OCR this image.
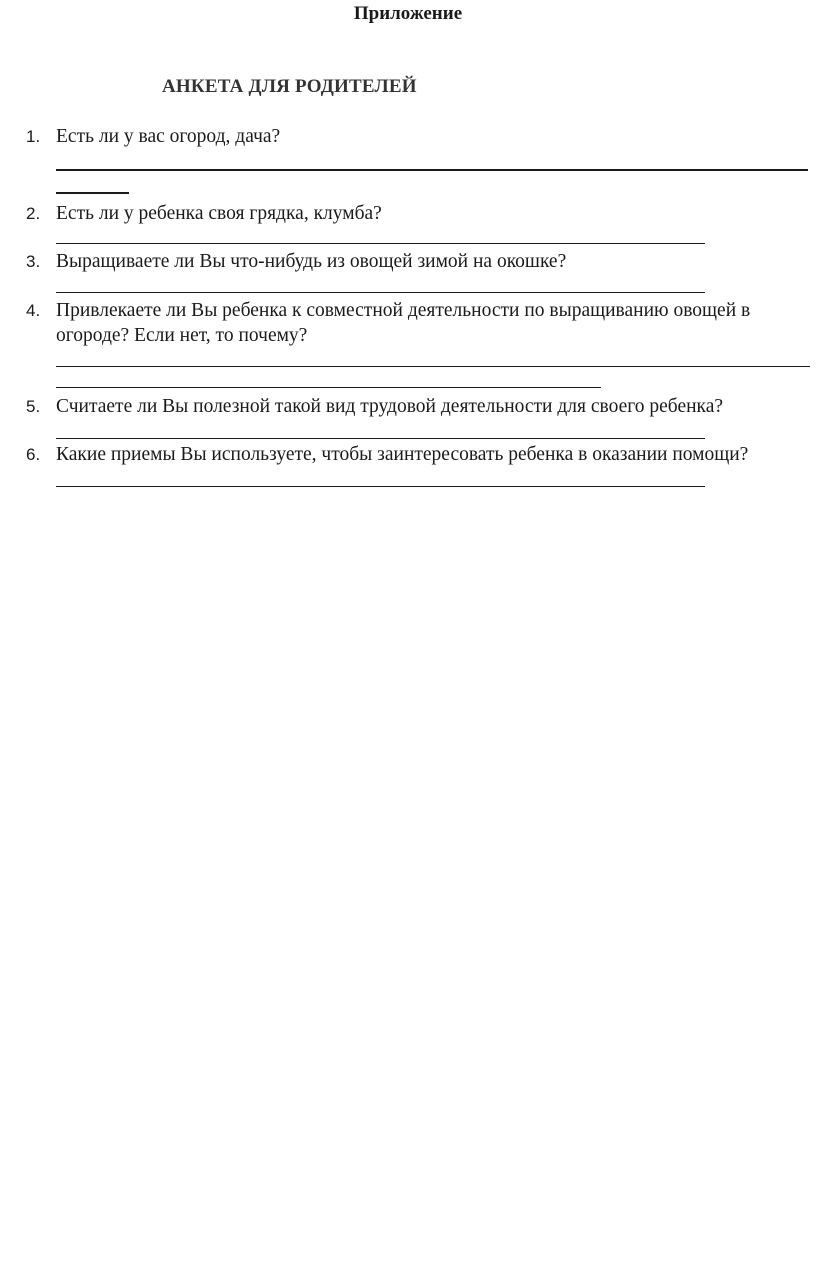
Приложение
АНКЕТА ДЛЯ РОДИТЕЛЕЙ
1. Есть ли у вас огород, дача?
2. Есть ли у ребенка своя грядка, клумба?
3. Выращиваете ли Вы что-нибудь из овощей зимой на окошке?
4. Привлекаете ли Вы ребенка к совместной деятельности по выращиванию овощей в огороде? Если нет, то почему?
5. Считаете ли Вы полезной такой вид трудовой деятельности для своего ребенка?
6. Какие приемы Вы используете, чтобы заинтересовать ребенка в оказании помощи?
